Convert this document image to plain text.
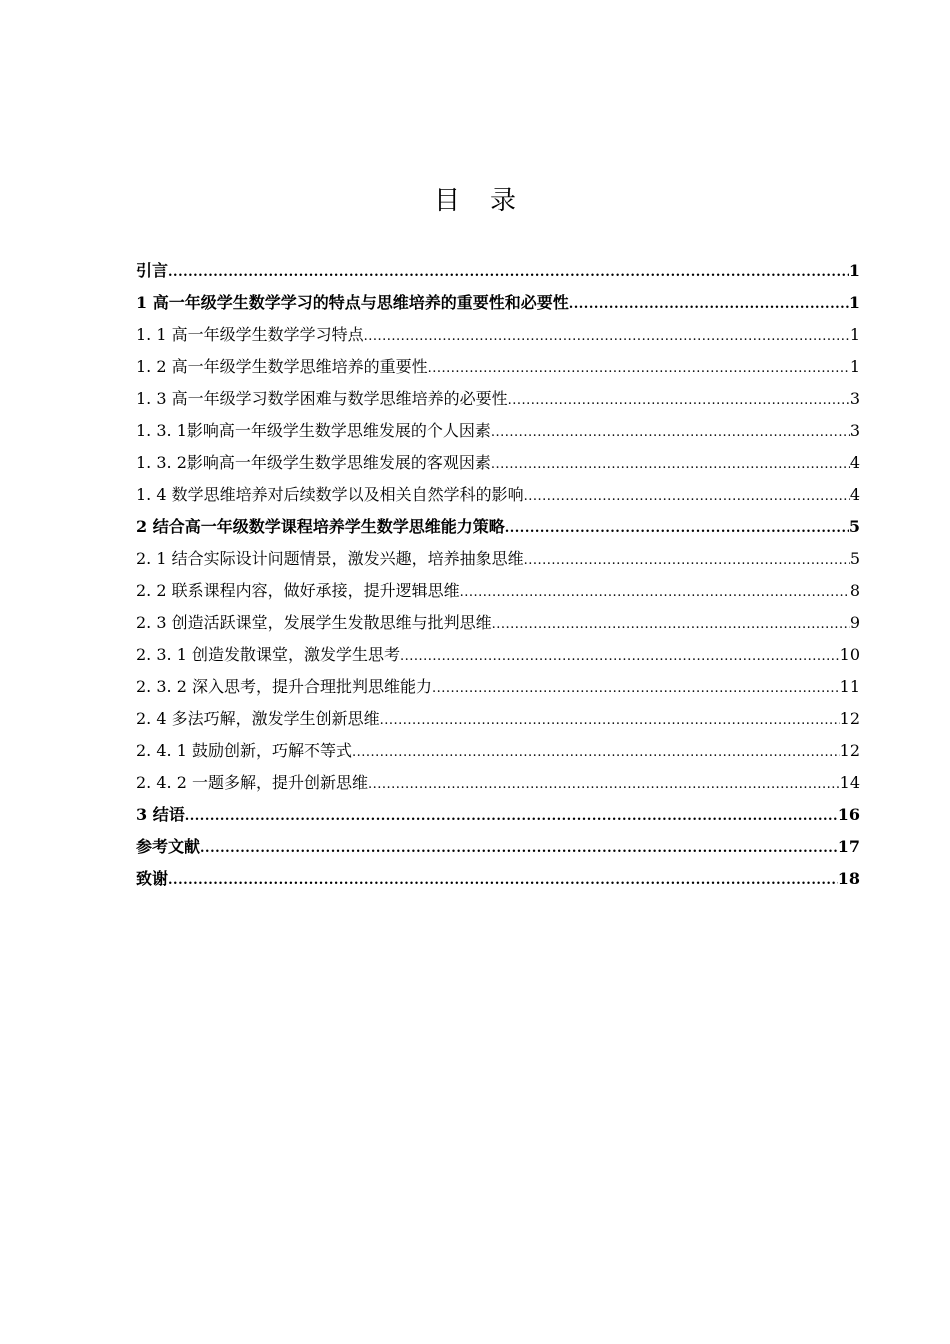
目 录
引言 .....	1
1 高一年级学生数学学习的特点与思维培养的重要性和必要性 .....	1
1. 1 高一年级学生数学学习特点 .....	1
1. 2 高一年级学生数学思维培养的重要性 .....	1
1. 3 高一年级学习数学困难与数学思维培养的必要性 .....	3
1. 3. 1影响高一年级学生数学思维发展的个人因素 .....	3
1. 3. 2影响高一年级学生数学思维发展的客观因素 .....	4
1. 4 数学思维培养对后续数学以及相关自然学科的影响 .....	4
2 结合高一年级数学课程培养学生数学思维能力策略 .....	5
2. 1 结合实际设计问题情景，激发兴趣，培养抽象思维 .....	5
2. 2 联系课程内容，做好承接，提升逻辑思维 .....	8
2. 3 创造活跃课堂，发展学生发散思维与批判思维 .....	9
2. 3. 1 创造发散课堂，激发学生思考 .....	10
2. 3. 2 深入思考，提升合理批判思维能力 .....	11
2. 4 多法巧解，激发学生创新思维 .....	12
2. 4. 1 鼓励创新，巧解不等式 .....	12
2. 4. 2 一题多解，提升创新思维 .....	14
3 结语 .....	16
参考文献 .....	17
致谢 .....	18
